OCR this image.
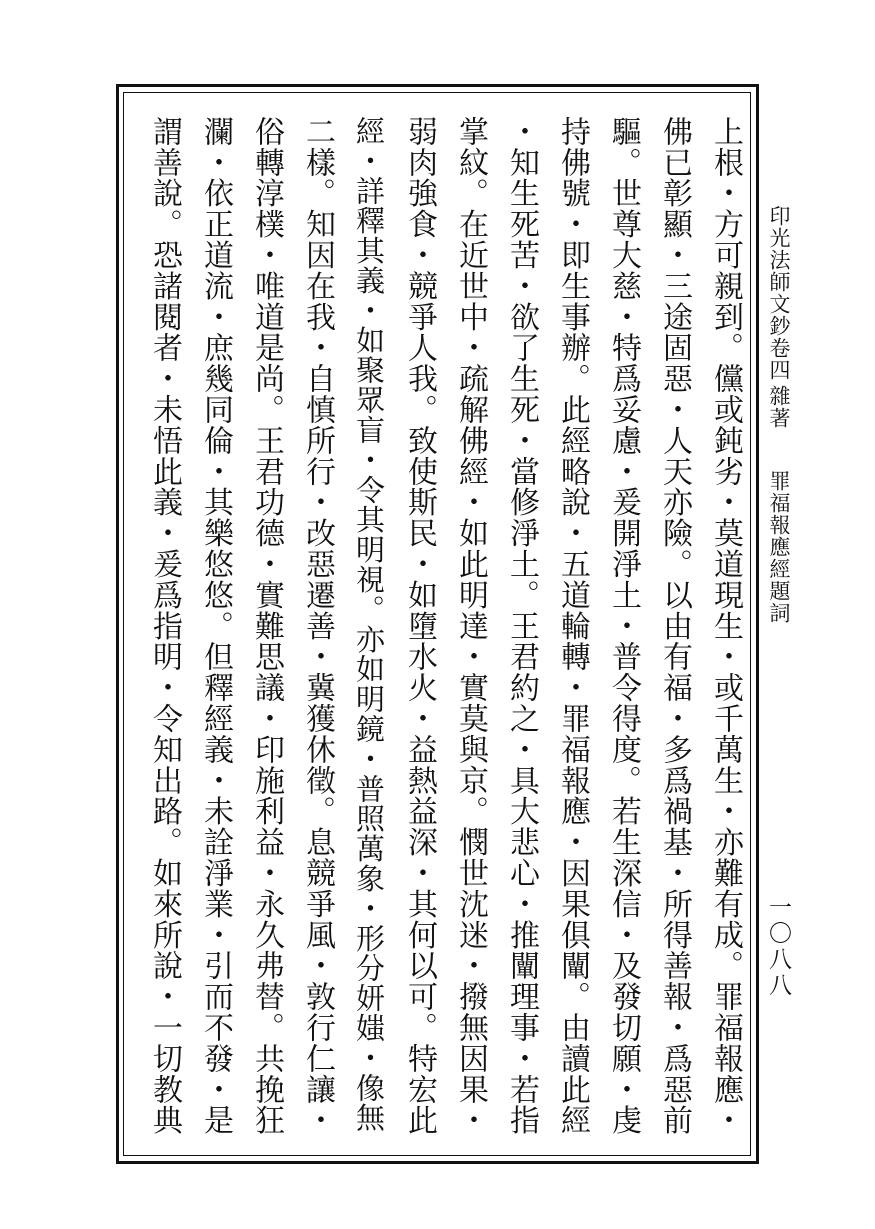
印光法師文鈔卷四
雜著
罪福報應經題詞
一〇八八
上根・方可親到。儻或鈍劣・莫道現生・或千萬生・亦難有成。罪福報應・
佛已彰顯・三途固惡・人天亦險。以由有福・多爲禍基・所得善報・爲惡前
驅。世尊大慈・特爲妥慮・爰開淨土・普令得度。若生深信・及發切願・虔
持佛號・即生事辦。此經略說・五道輪轉・罪福報應・因果俱闡。由讀此經
・知生死苦・欲了生死・當修淨土。王君約之・具大悲心・推闡理事・若指
掌紋。在近世中・疏解佛經・如此明達・實莫與京。憫世沈迷・撥無因果・
弱肉強食・競爭人我。致使斯民・如墮水火・益熱益深・其何以可。特宏此
經・詳釋其義・如聚眾盲・令其明視。亦如明鏡・普照萬象・形分妍媸・像無
二樣。知因在我・自慎所行・改惡遷善・冀獲休徵。息競爭風・敦行仁讓・
俗轉淳樸・唯道是尚。王君功德・實難思議・印施利益・永久弗替。共挽狂
瀾・依正道流・庶幾同倫・其樂悠悠。但釋經義・未詮淨業・引而不發・是
謂善說。恐諸閱者・未悟此義・爰爲指明・令知出路。如來所說・一切教典
